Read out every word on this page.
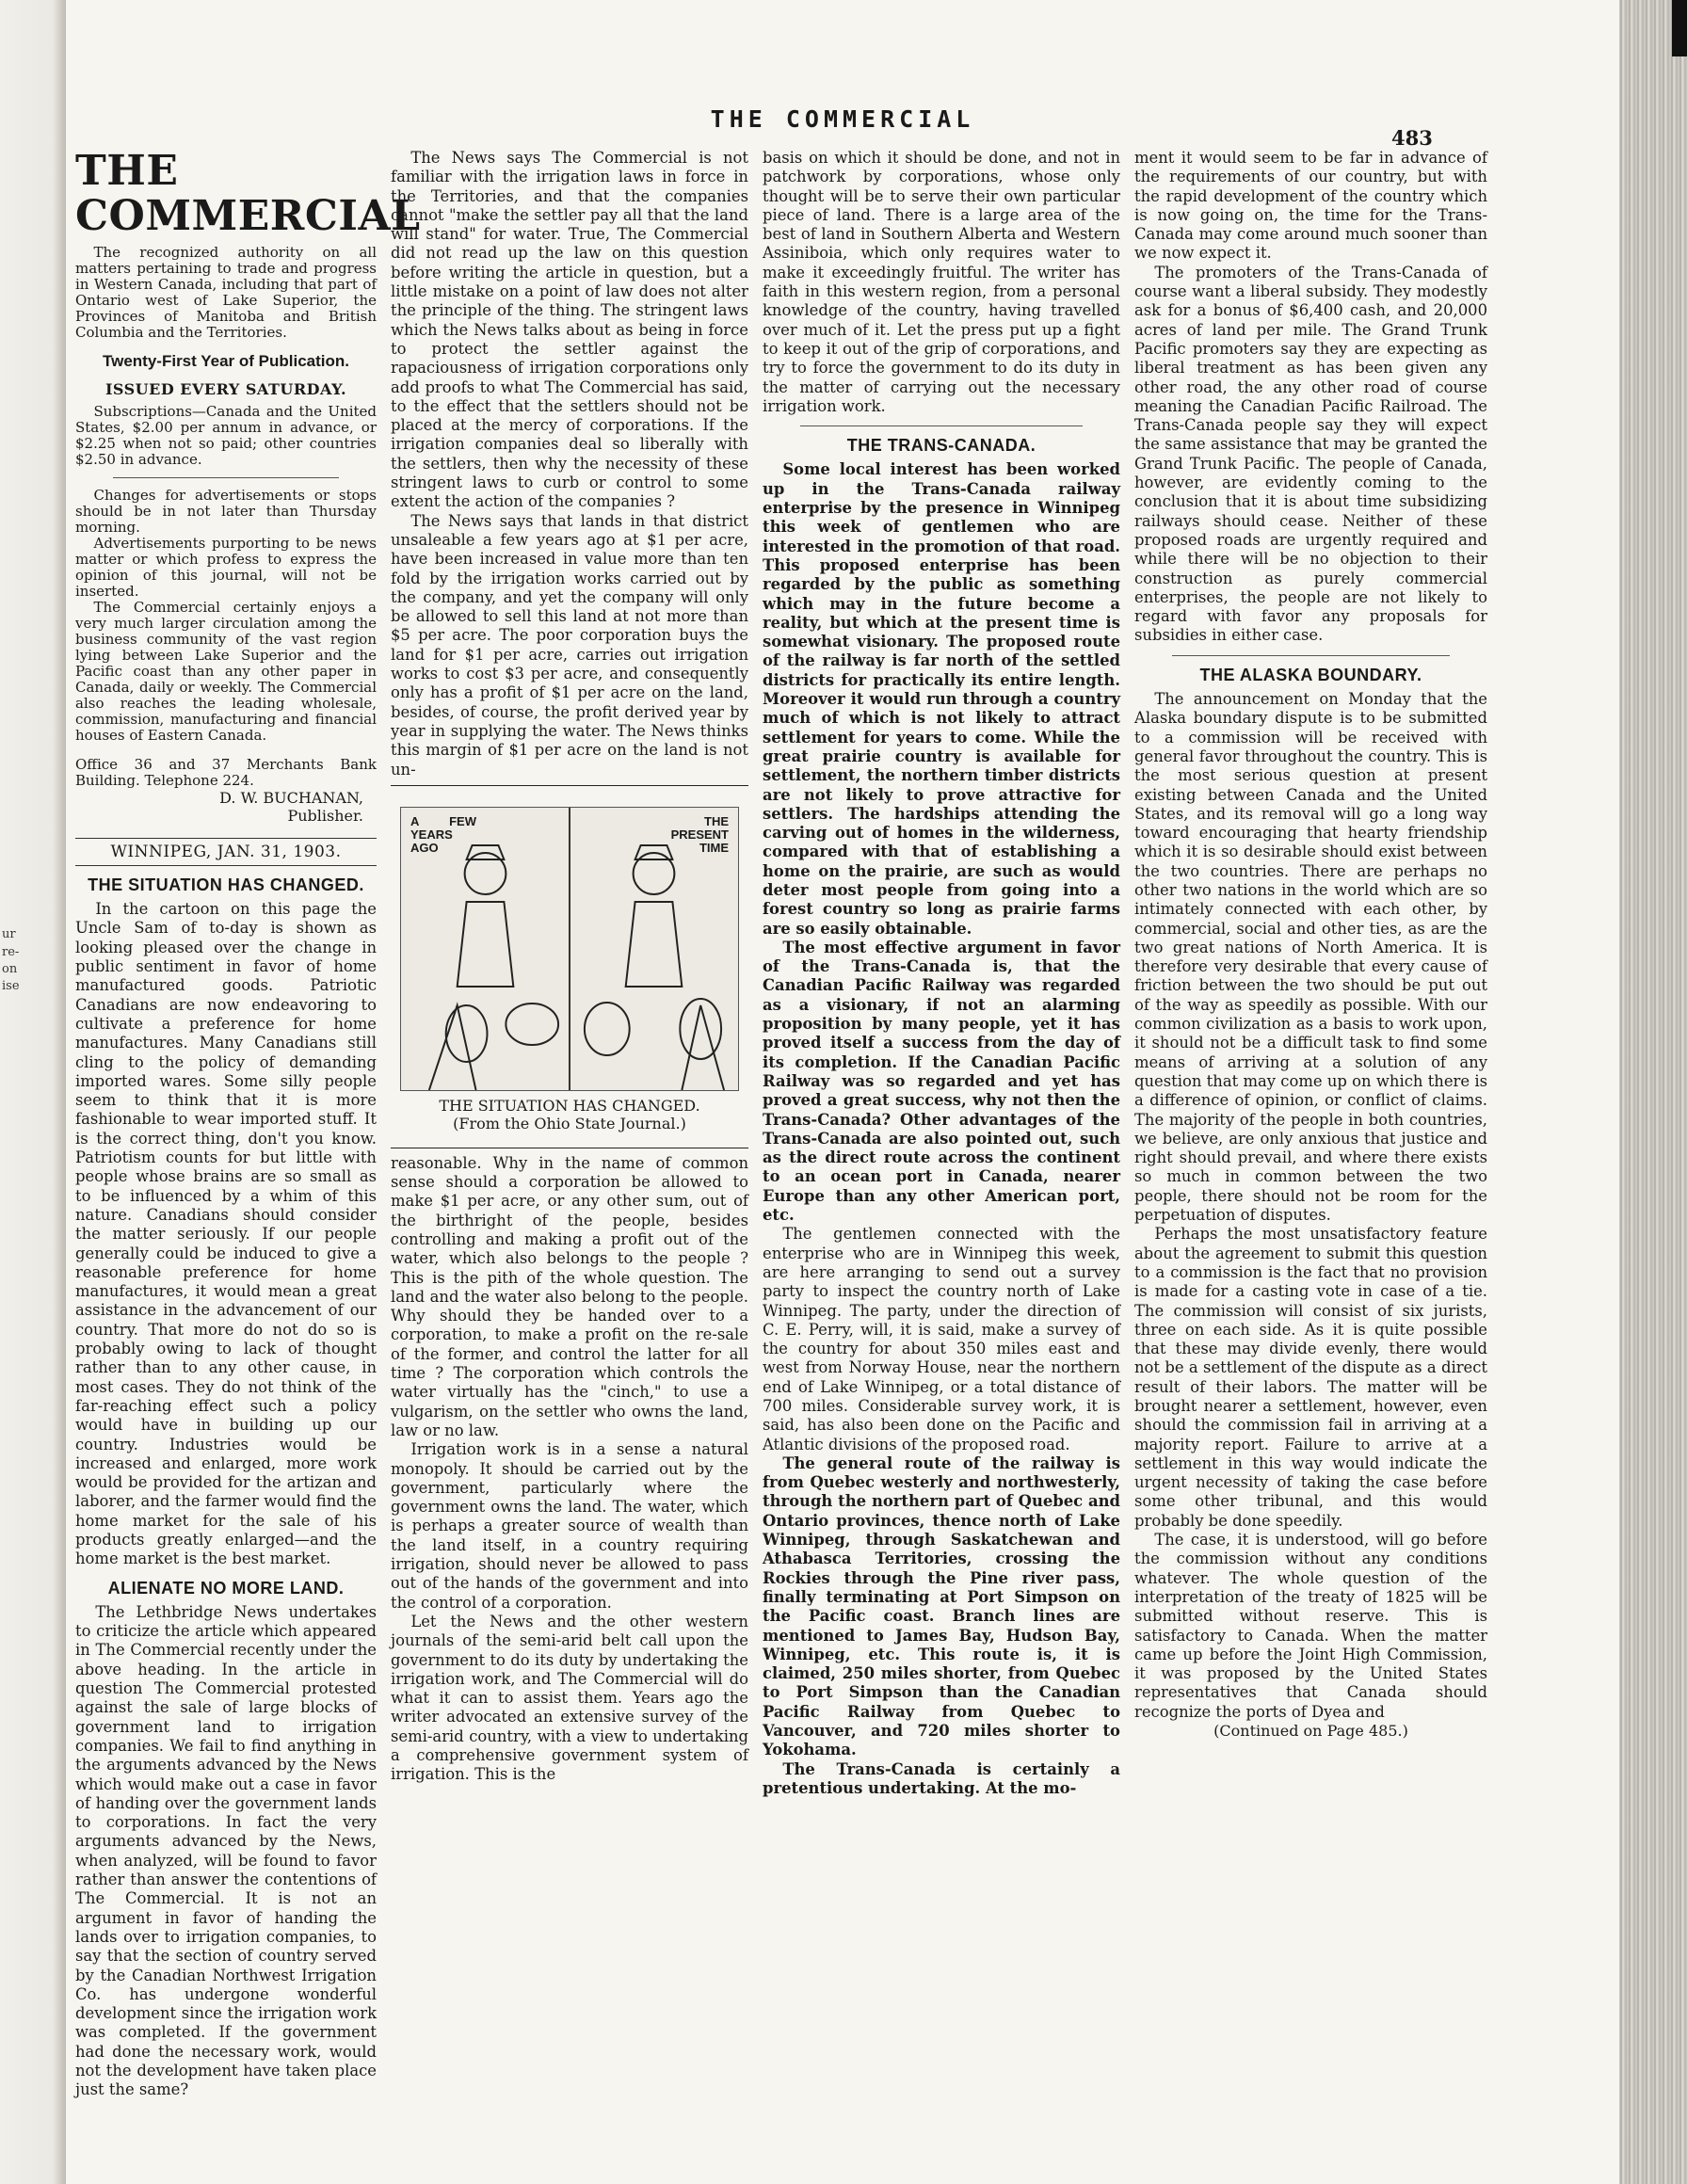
ur
re-
on
ise
THE COMMERCIAL
483
THE COMMERCIAL

The recognized authority on all matters pertaining to trade and progress in Western Canada, including that part of Ontario west of Lake Superior, the Provinces of Manitoba and British Columbia and the Territories.

Twenty-First Year of Publication.
ISSUED EVERY SATURDAY.

Subscriptions—Canada and the United States, $2.00 per annum in advance, or $2.25 when not so paid; other countries $2.50 in advance.

Changes for advertisements or stops should be in not later than Thursday morning.

Advertisements purporting to be news matter or which profess to express the opinion of this journal, will not be inserted.

The Commercial certainly enjoys a very much larger circulation among the business community of the vast region lying between Lake Superior and the Pacific coast than any other paper in Canada, daily or weekly. The Commercial also reaches the leading wholesale, commission, manufacturing and financial houses of Eastern Canada.

Office 36 and 37 Merchants Bank Building. Telephone 224.
D. W. BUCHANAN,
Publisher.
WINNIPEG, JAN. 31, 1903.
THE SITUATION HAS CHANGED.

In the cartoon on this page the Uncle Sam of to-day is shown as looking pleased over the change in public sentiment in favor of home manufactured goods. Patriotic Canadians are now endeavoring to cultivate a preference for home manufactures. Many Canadians still cling to the policy of demanding imported wares. Some silly people seem to think that it is more fashionable to wear imported stuff. It is the correct thing, don't you know. Patriotism counts for but little with people whose brains are so small as to be influenced by a whim of this nature. Canadians should consider the matter seriously. If our people generally could be induced to give a reasonable preference for home manufactures, it would mean a great assistance in the advancement of our country. That more do not do so is probably owing to lack of thought rather than to any other cause, in most cases. They do not think of the far-reaching effect such a policy would have in building up our country. Industries would be increased and enlarged, more work would be provided for the artizan and laborer, and the farmer would find the home market for the sale of his products greatly enlarged—and the home market is the best market.

ALIENATE NO MORE LAND.

The Lethbridge News undertakes to criticize the article which appeared in The Commercial recently under the above heading. In the article in question The Commercial protested against the sale of large blocks of government land to irrigation companies. We fail to find anything in the arguments advanced by the News which would make out a case in favor of handing over the government lands to corporations. In fact the very arguments advanced by the News, when analyzed, will be found to favor rather than answer the contentions of The Commercial. It is not an argument in favor of handing the lands over to irrigation companies, to say that the section of country served by the Canadian Northwest Irrigation Co. has undergone wonderful development since the irrigation work was completed. If the government had done the necessary work, would not the development have taken place just the same?

The News says The Commercial is not familiar with the irrigation laws in force in the Territories, and that the companies cannot "make the settler pay all that the land will stand" for water. True, The Commercial did not read up the law on this question before writing the article in question, but a little mistake on a point of law does not alter the principle of the thing. The stringent laws which the News talks about as being in force to protect the settler against the rapaciousness of irrigation corporations only add proofs to what The Commercial has said, to the effect that the settlers should not be placed at the mercy of corporations. If the irrigation companies deal so liberally with the settlers, then why the necessity of these stringent laws to curb or control to some extent the action of the companies ?

The News says that lands in that district unsaleable a few years ago at $1 per acre, have been increased in value more than ten fold by the irrigation works carried out by the company, and yet the company will only be allowed to sell this land at not more than $5 per acre. The poor corporation buys the land for $1 per acre, carries out irrigation works to cost $3 per acre, and consequently only has a profit of $1 per acre on the land, besides, of course, the profit derived year by year in supplying the water. The News thinks this margin of $1 per acre on the land is not un-

A FEW YEARS AGO
THE PRESENT TIME
THE SITUATION HAS CHANGED.
(From the Ohio State Journal.)

reasonable. Why in the name of common sense should a corporation be allowed to make $1 per acre, or any other sum, out of the birthright of the people, besides controlling and making a profit out of the water, which also belongs to the people ? This is the pith of the whole question. The land and the water also belong to the people. Why should they be handed over to a corporation, to make a profit on the re-sale of the former, and control the latter for all time ? The corporation which controls the water virtually has the "cinch," to use a vulgarism, on the settler who owns the land, law or no law.

Irrigation work is in a sense a natural monopoly. It should be carried out by the government, particularly where the government owns the land. The water, which is perhaps a greater source of wealth than the land itself, in a country requiring irrigation, should never be allowed to pass out of the hands of the government and into the control of a corporation.

Let the News and the other western journals of the semi-arid belt call upon the government to do its duty by undertaking the irrigation work, and The Commercial will do what it can to assist them. Years ago the writer advocated an extensive survey of the semi-arid country, with a view to undertaking a comprehensive government system of irrigation. This is the

basis on which it should be done, and not in patchwork by corporations, whose only thought will be to serve their own particular piece of land. There is a large area of the best of land in Southern Alberta and Western Assiniboia, which only requires water to make it exceedingly fruitful. The writer has faith in this western region, from a personal knowledge of the country, having travelled over much of it. Let the press put up a fight to keep it out of the grip of corporations, and try to force the government to do its duty in the matter of carrying out the necessary irrigation work.

THE TRANS-CANADA.

Some local interest has been worked up in the Trans-Canada railway enterprise by the presence in Winnipeg this week of gentlemen who are interested in the promotion of that road. This proposed enterprise has been regarded by the public as something which may in the future become a reality, but which at the present time is somewhat visionary. The proposed route of the railway is far north of the settled districts for practically its entire length. Moreover it would run through a country much of which is not likely to attract settlement for years to come. While the great prairie country is available for settlement, the northern timber districts are not likely to prove attractive for settlers. The hardships attending the carving out of homes in the wilderness, compared with that of establishing a home on the prairie, are such as would deter most people from going into a forest country so long as prairie farms are so easily obtainable.

The most effective argument in favor of the Trans-Canada is, that the Canadian Pacific Railway was regarded as a visionary, if not an alarming proposition by many people, yet it has proved itself a success from the day of its completion. If the Canadian Pacific Railway was so regarded and yet has proved a great success, why not then the Trans-Canada? Other advantages of the Trans-Canada are also pointed out, such as the direct route across the continent to an ocean port in Canada, nearer Europe than any other American port, etc.

The gentlemen connected with the enterprise who are in Winnipeg this week, are here arranging to send out a survey party to inspect the country north of Lake Winnipeg. The party, under the direction of C. E. Perry, will, it is said, make a survey of the country for about 350 miles east and west from Norway House, near the northern end of Lake Winnipeg, or a total distance of 700 miles. Considerable survey work, it is said, has also been done on the Pacific and Atlantic divisions of the proposed road.

The general route of the railway is from Quebec westerly and northwesterly, through the northern part of Quebec and Ontario provinces, thence north of Lake Winnipeg, through Saskatchewan and Athabasca Territories, crossing the Rockies through the Pine river pass, finally terminating at Port Simpson on the Pacific coast. Branch lines are mentioned to James Bay, Hudson Bay, Winnipeg, etc. This route is, it is claimed, 250 miles shorter, from Quebec to Port Simpson than the Canadian Pacific Railway from Quebec to Vancouver, and 720 miles shorter to Yokohama.

The Trans-Canada is certainly a pretentious undertaking. At the mo-

ment it would seem to be far in advance of the requirements of our country, but with the rapid development of the country which is now going on, the time for the Trans-Canada may come around much sooner than we now expect it.

The promoters of the Trans-Canada of course want a liberal subsidy. They modestly ask for a bonus of $6,400 cash, and 20,000 acres of land per mile. The Grand Trunk Pacific promoters say they are expecting as liberal treatment as has been given any other road, the any other road of course meaning the Canadian Pacific Railroad. The Trans-Canada people say they will expect the same assistance that may be granted the Grand Trunk Pacific. The people of Canada, however, are evidently coming to the conclusion that it is about time subsidizing railways should cease. Neither of these proposed roads are urgently required and while there will be no objection to their construction as purely commercial enterprises, the people are not likely to regard with favor any proposals for subsidies in either case.

THE ALASKA BOUNDARY.

The announcement on Monday that the Alaska boundary dispute is to be submitted to a commission will be received with general favor throughout the country. This is the most serious question at present existing between Canada and the United States, and its removal will go a long way toward encouraging that hearty friendship which it is so desirable should exist between the two countries. There are perhaps no other two nations in the world which are so intimately connected with each other, by commercial, social and other ties, as are the two great nations of North America. It is therefore very desirable that every cause of friction between the two should be put out of the way as speedily as possible. With our common civilization as a basis to work upon, it should not be a difficult task to find some means of arriving at a solution of any question that may come up on which there is a difference of opinion, or conflict of claims. The majority of the people in both countries, we believe, are only anxious that justice and right should prevail, and where there exists so much in common between the two people, there should not be room for the perpetuation of disputes.

Perhaps the most unsatisfactory feature about the agreement to submit this question to a commission is the fact that no provision is made for a casting vote in case of a tie. The commission will consist of six jurists, three on each side. As it is quite possible that these may divide evenly, there would not be a settlement of the dispute as a direct result of their labors. The matter will be brought nearer a settlement, however, even should the commission fail in arriving at a majority report. Failure to arrive at a settlement in this way would indicate the urgent necessity of taking the case before some other tribunal, and this would probably be done speedily.

The case, it is understood, will go before the commission without any conditions whatever. The whole question of the interpretation of the treaty of 1825 will be submitted without reserve. This is satisfactory to Canada. When the matter came up before the Joint High Commission, it was proposed by the United States representatives that Canada should recognize the ports of Dyea and

(Continued on Page 485.)
